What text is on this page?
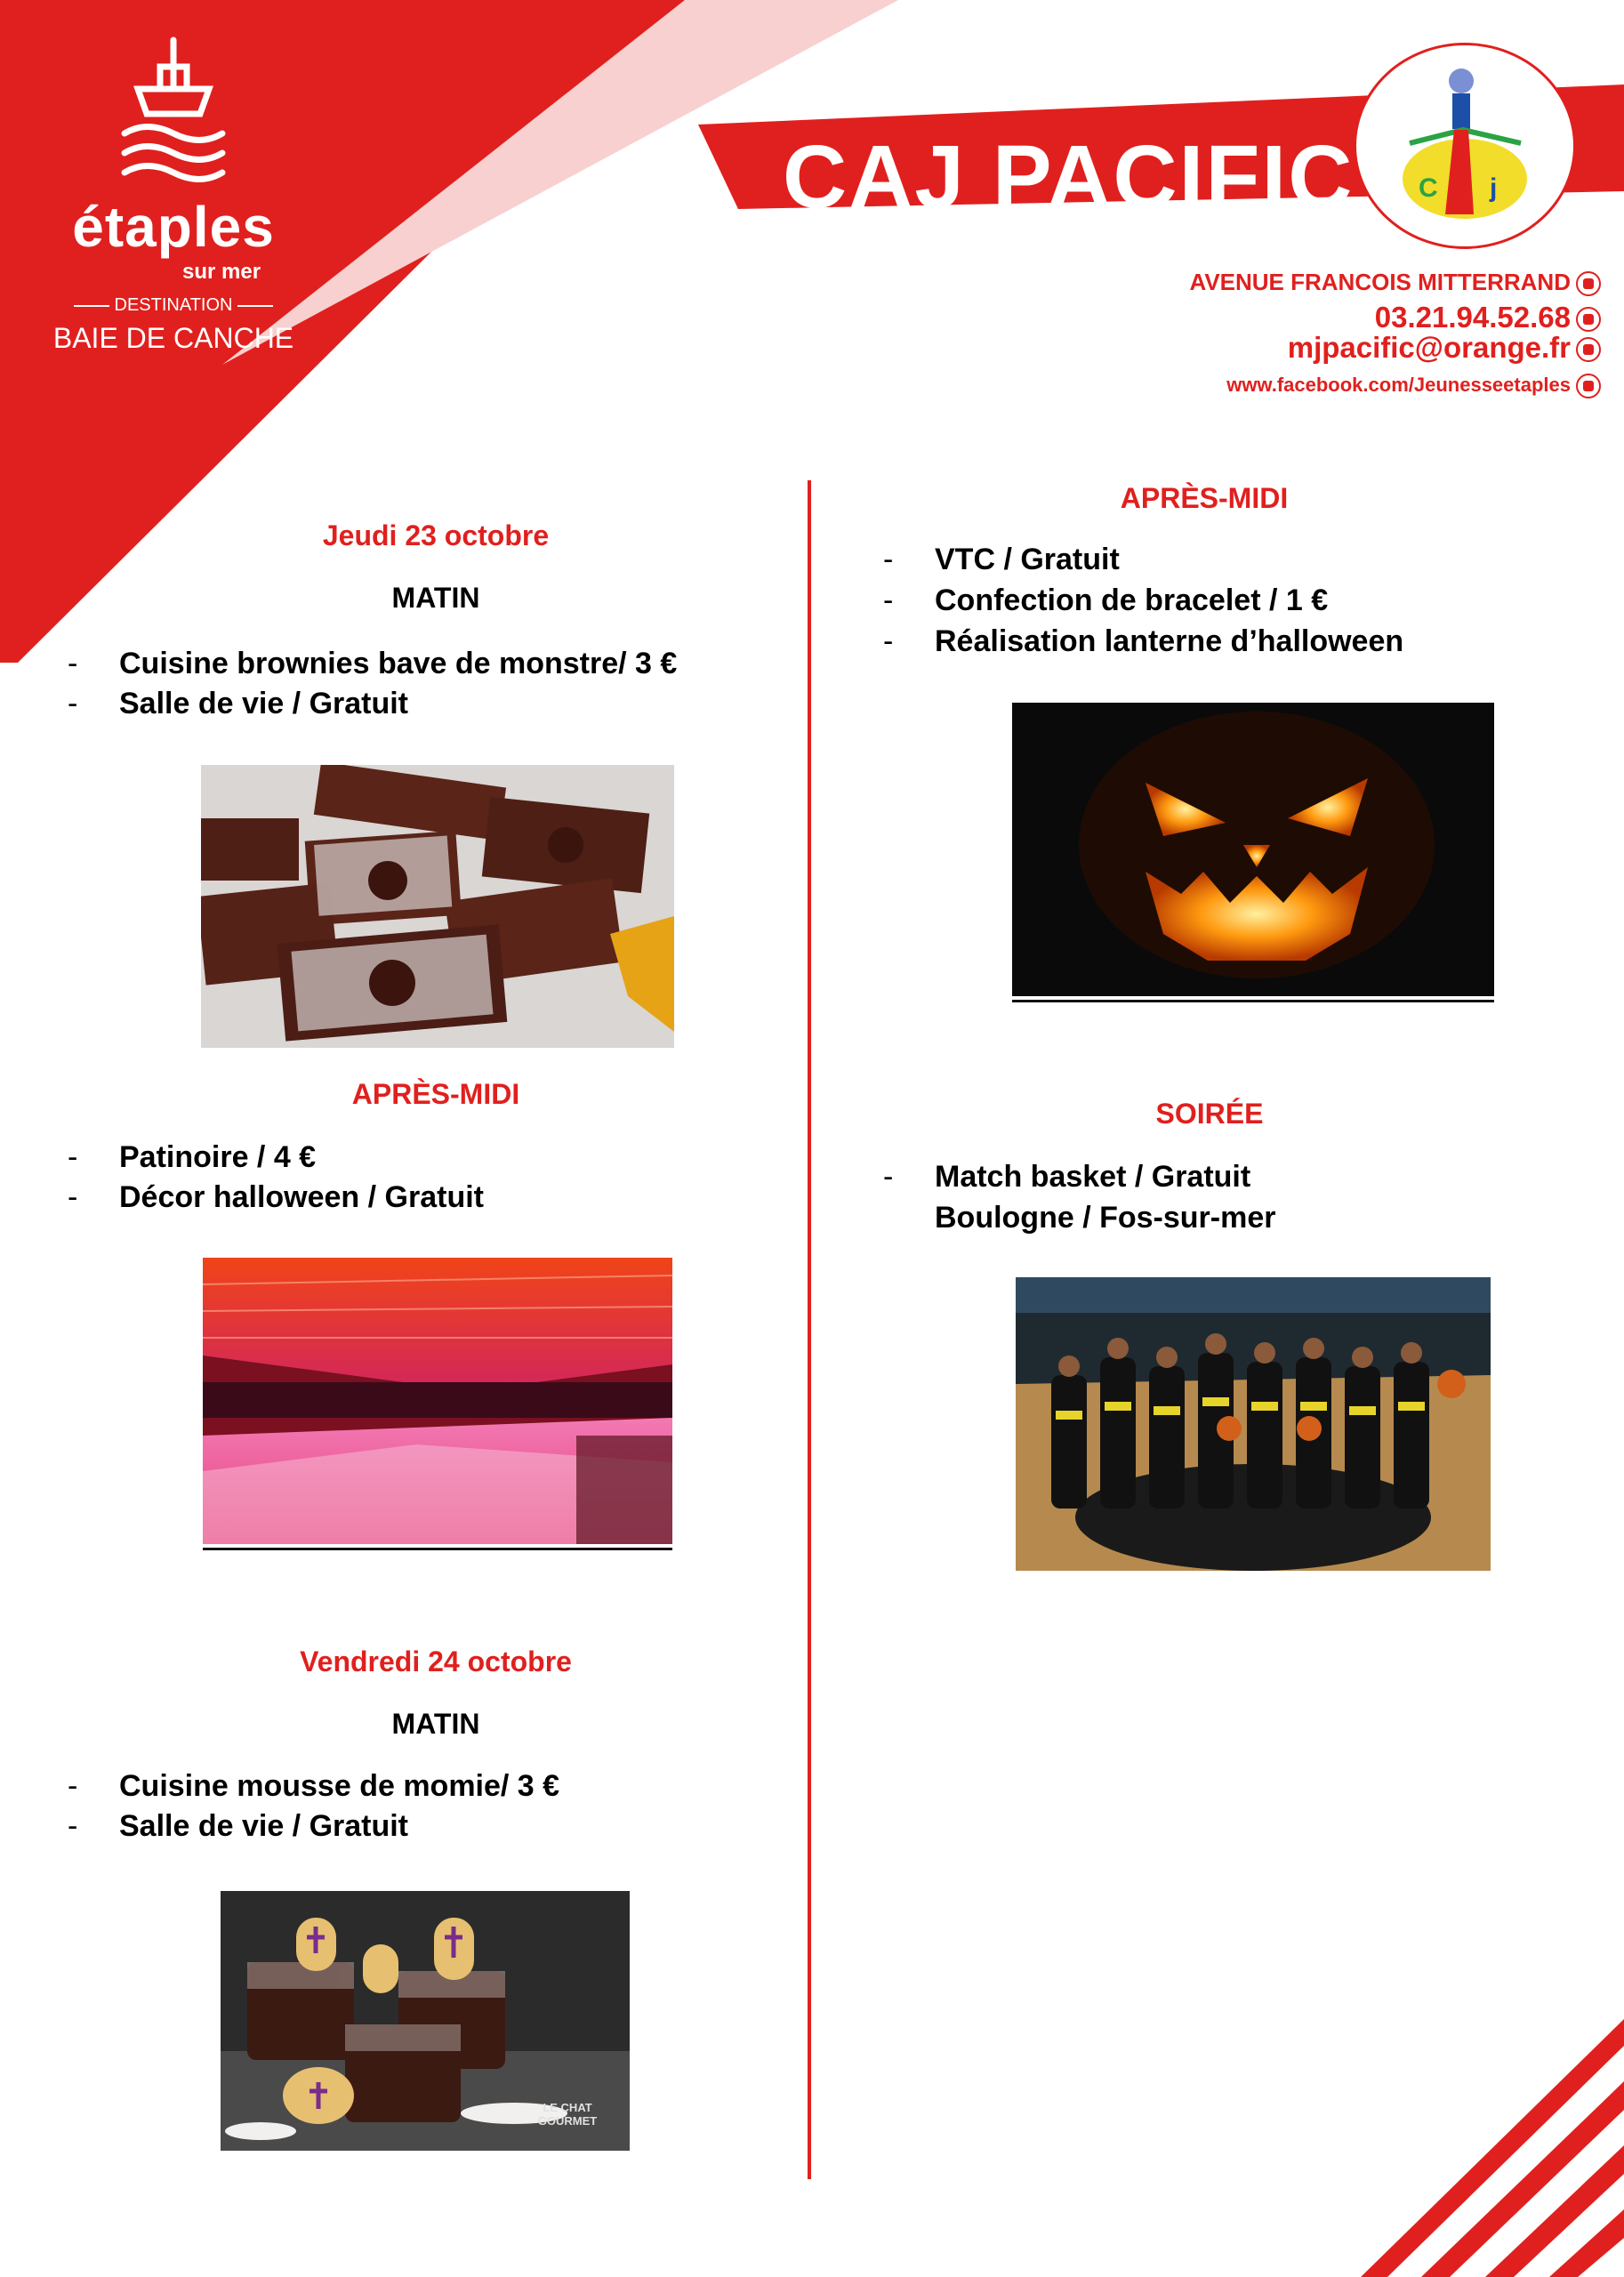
étaples
sur mer
DESTINATION
BAIE DE CANCHE
CAJ PACIFIC C j
AVENUE FRANCOIS MITTERRAND
03.21.94.52.68
mjpacific@orange.fr
www.facebook.com/Jeunesseetaples
Jeudi 23 octobre
MATIN
- Cuisine brownies bave de monstre/ 3 €
- Salle de vie / Gratuit
APRÈS-MIDI
- Patinoire / 4 €
- Décor halloween / Gratuit
Vendredi 24 octobre
MATIN
- Cuisine mousse de momie/ 3 €
- Salle de vie / Gratuit
LE CHAT GOURMET
APRÈS-MIDI
- VTC / Gratuit
- Confection de bracelet / 1 €
- Réalisation lanterne d’halloween
SOIRÉE
- Match basket / Gratuit
Boulogne / Fos-sur-mer
